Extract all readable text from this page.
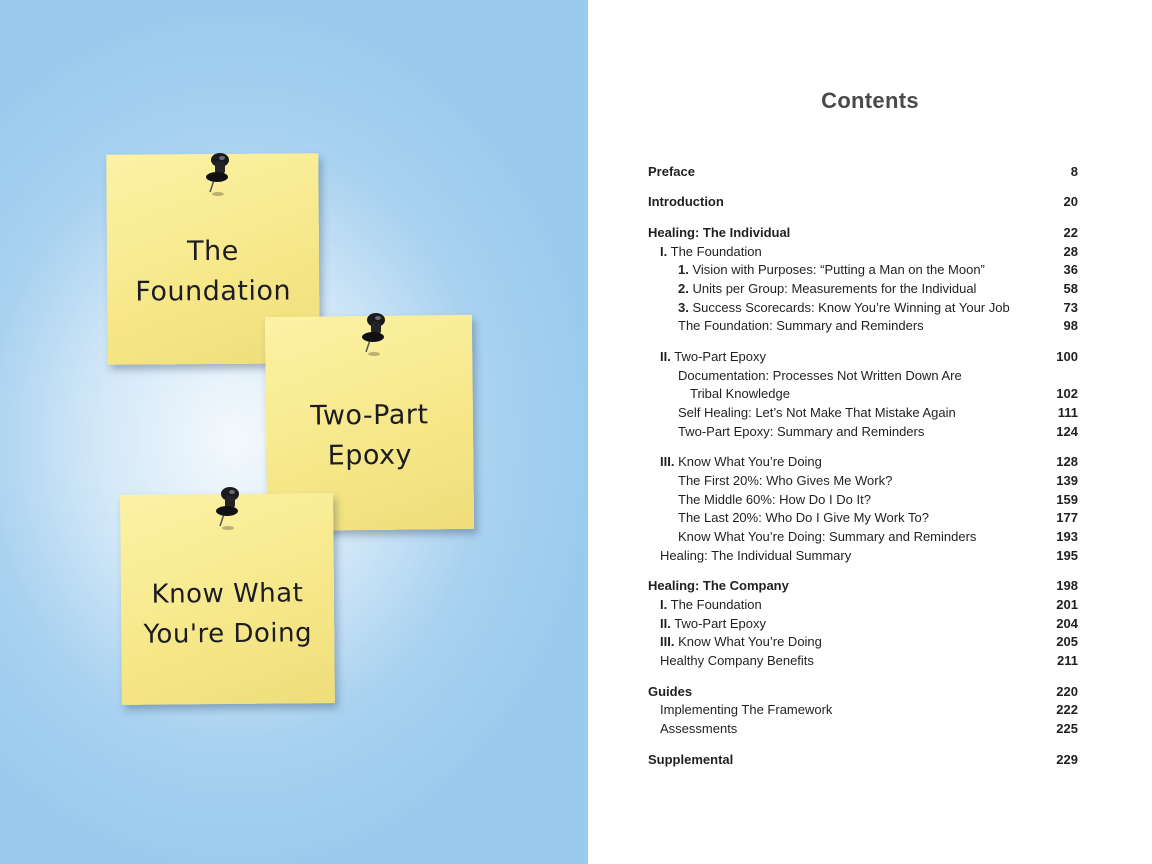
The
Foundation
Two-Part
Epoxy
Know What
You're Doing
Contents
Preface	8
Introduction	20
Healing: The Individual	22
I. The Foundation	28
1. Vision with Purposes: “Putting a Man on the Moon”	36
2. Units per Group: Measurements for the Individual	58
3. Success Scorecards: Know You’re Winning at Your Job	73
The Foundation: Summary and Reminders	98
II. Two-Part Epoxy	100
Documentation: Processes Not Written Down Are
Tribal Knowledge	102
Self Healing: Let’s Not Make That Mistake Again	111
Two-Part Epoxy: Summary and Reminders	124
III. Know What You’re Doing	128
The First 20%: Who Gives Me Work?	139
The Middle 60%: How Do I Do It?	159
The Last 20%: Who Do I Give My Work To?	177
Know What You’re Doing: Summary and Reminders	193
Healing: The Individual Summary	195
Healing: The Company	198
I. The Foundation	201
II. Two-Part Epoxy	204
III. Know What You’re Doing	205
Healthy Company Benefits	211
Guides	220
Implementing The Framework	222
Assessments	225
Supplemental	229
